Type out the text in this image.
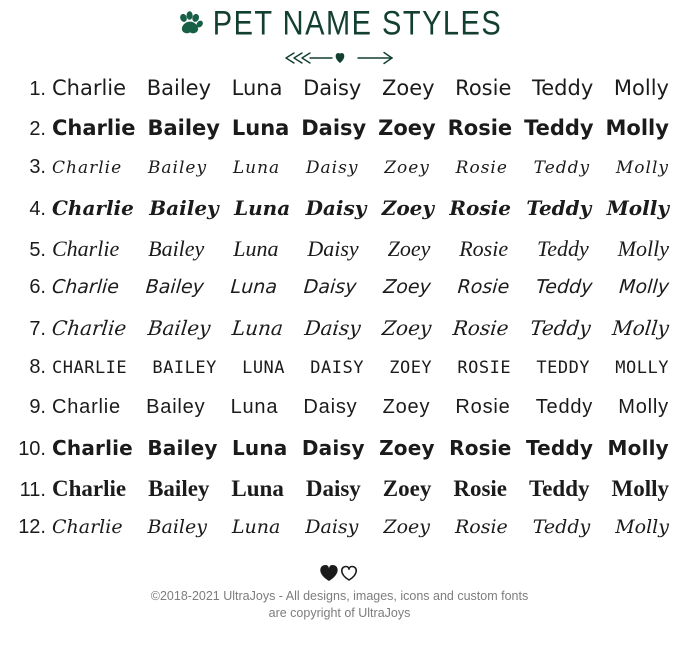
PET NAME STYLES
1. Charlie Bailey Luna Daisy Zoey Rosie Teddy Molly
2. Charlie Bailey Luna Daisy Zoey Rosie Teddy Molly
3. Charlie Bailey Luna Daisy Zoey Rosie Teddy Molly
4. Charlie Bailey Luna Daisy Zoey Rosie Teddy Molly
5. Charlie Bailey Luna Daisy Zoey Rosie Teddy Molly
6. Charlie Bailey Luna Daisy Zoey Rosie Teddy Molly
7. Charlie Bailey Luna Daisy Zoey Rosie Teddy Molly
8. CHARLIE BAILEY LUNA DAISY ZOEY ROSIE TEDDY MOLLY
9. Charlie Bailey Luna Daisy Zoey Rosie Teddy Molly
10. Charlie Bailey Luna Daisy Zoey Rosie Teddy Molly
11. Charlie Bailey Luna Daisy Zoey Rosie Teddy Molly
12. Charlie Bailey Luna Daisy Zoey Rosie Teddy Molly
©2018-2021 UltraJoys - All designs, images, icons and custom fonts
are copyright of UltraJoys
